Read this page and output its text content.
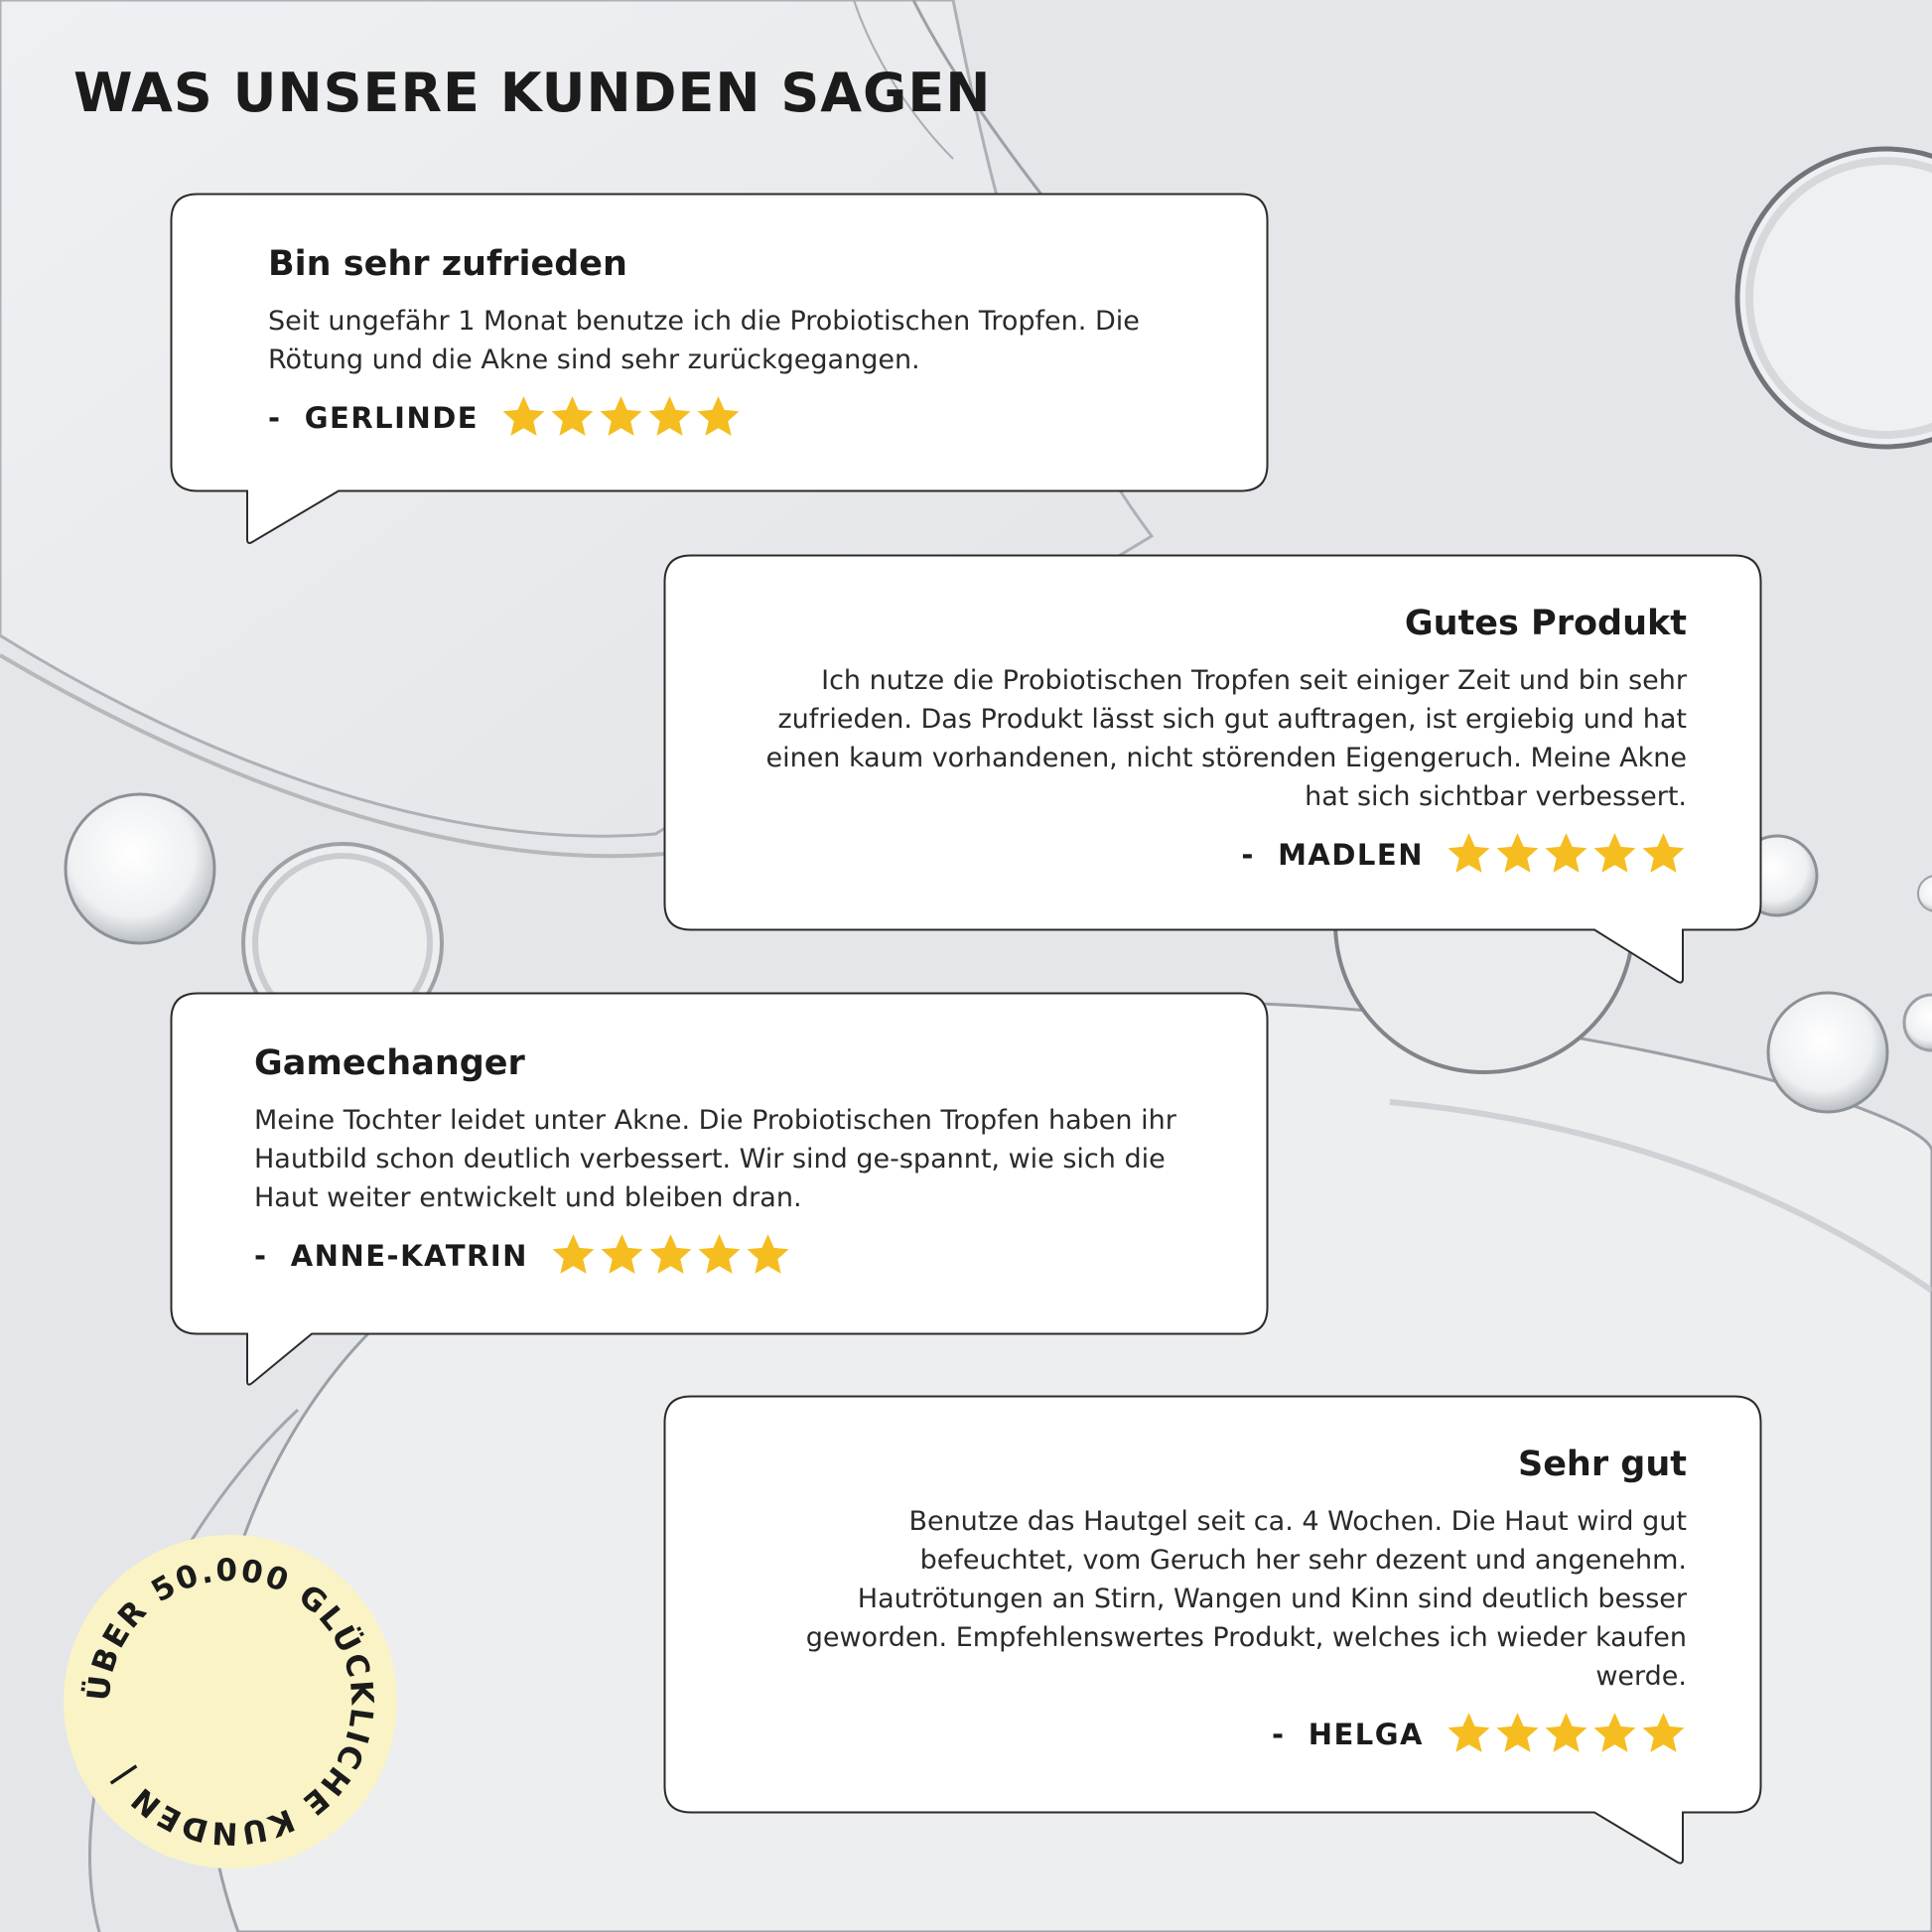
WAS UNSERE KUNDEN SAGEN
Bin sehr zufrieden

Seit ungefähr 1 Monat benutze ich die Probiotischen Tropfen. Die Rötung und die Akne sind sehr zurückgegangen.

-  GERLINDE
Gutes Produkt

Ich nutze die Probiotischen Tropfen seit einiger Zeit und bin sehr zufrieden. Das Produkt lässt sich gut auftragen, ist ergiebig und hat einen kaum vorhandenen, nicht störenden Eigengeruch. Meine Akne hat sich sichtbar verbessert.

-  MADLEN
Gamechanger

Meine Tochter leidet unter Akne. Die Probiotischen Tropfen haben ihr Hautbild schon deutlich verbessert. Wir sind ge-spannt, wie sich die Haut weiter entwickelt und bleiben dran.

-  ANNE-KATRIN
Sehr gut

Benutze das Hautgel seit ca. 4 Wochen. Die Haut wird gut befeuchtet, vom Geruch her sehr dezent und angenehm. Hautrötungen an Stirn, Wangen und Kinn sind deutlich besser geworden. Empfehlenswertes Produkt, welches ich wieder kaufen werde.

-  HELGA
ÜBER 50.000 GLÜCKLICHE KUNDEN |
